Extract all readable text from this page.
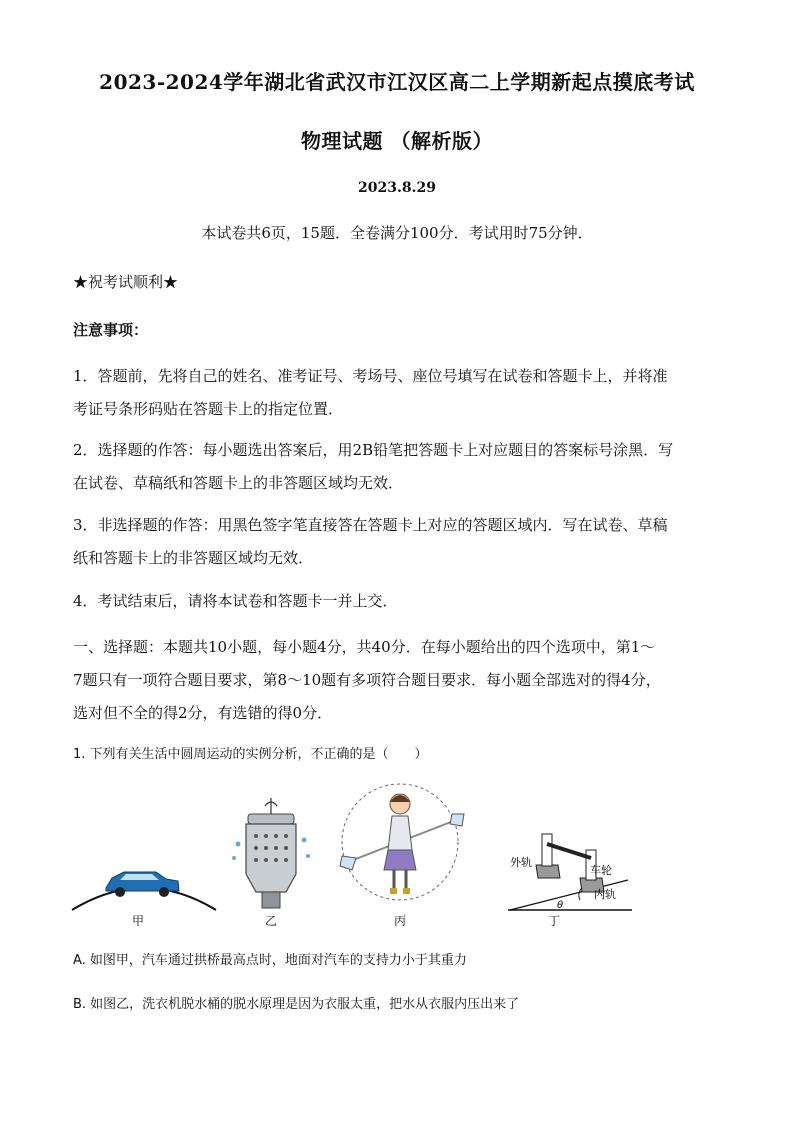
2023-2024学年湖北省武汉市江汉区高二上学期新起点摸底考试
物理试题 （解析版）
2023.8.29
本试卷共6页，15题．全卷满分100分．考试用时75分钟．
★祝考试顺利★
注意事项：
1．答题前，先将自己的姓名、准考证号、考场号、座位号填写在试卷和答题卡上，并将准
考证号条形码贴在答题卡上的指定位置．
2．选择题的作答：每小题选出答案后，用2B铅笔把答题卡上对应题目的答案标号涂黑．写
在试卷、草稿纸和答题卡上的非答题区域均无效．
3．非选择题的作答：用黑色签字笔直接答在答题卡上对应的答题区域内．写在试卷、草稿
纸和答题卡上的非答题区域均无效．
4．考试结束后，请将本试卷和答题卡一并上交．
一、选择题：本题共10小题，每小题4分，共40分．在每小题给出的四个选项中，第1～
7题只有一项符合题目要求，第8～10题有多项符合题目要求．每小题全部选对的得4分，
选对但不全的得2分，有选错的得0分．
1. 下列有关生活中圆周运动的实例分析，不正确的是（　　）
外轨
车轮
内轨
θ
甲	乙	丙	丁
A. 如图甲，汽车通过拱桥最高点时，地面对汽车的支持力小于其重力
B. 如图乙，洗衣机脱水桶的脱水原理是因为衣服太重，把水从衣服内压出来了
